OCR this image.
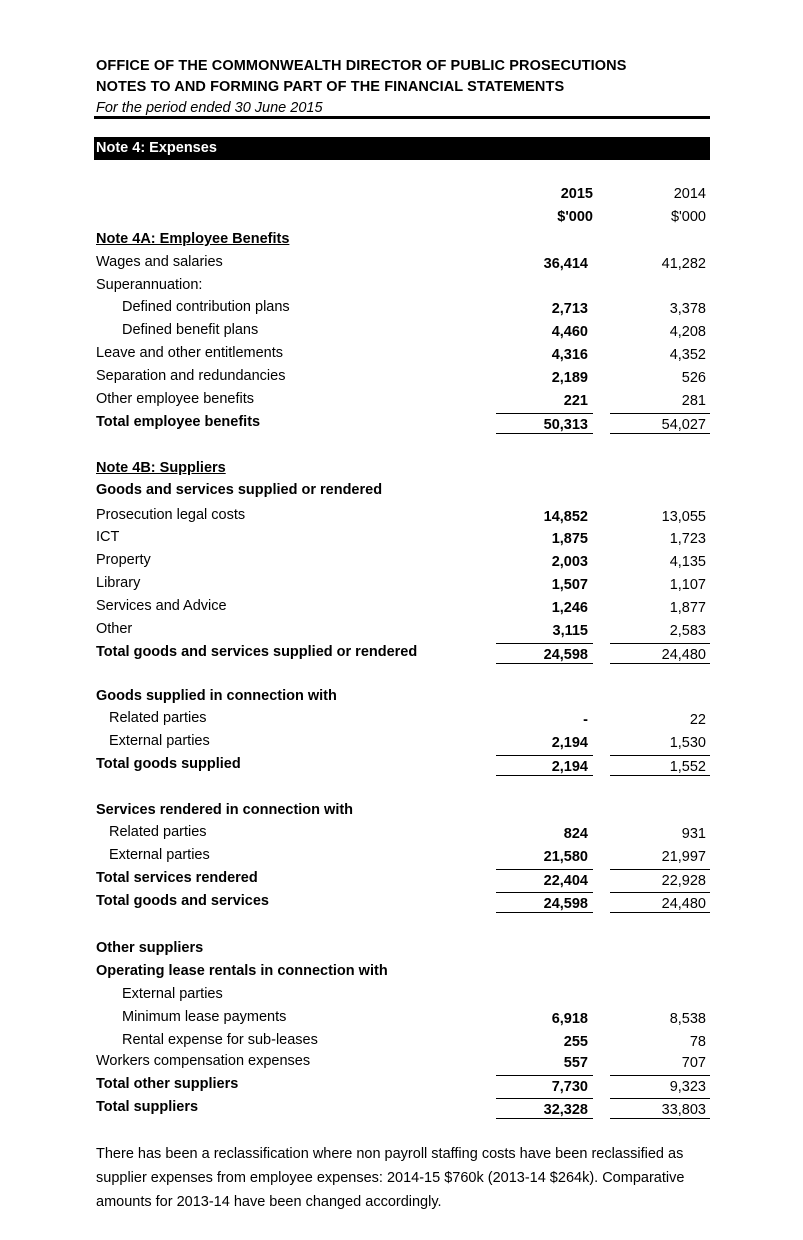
OFFICE OF THE COMMONWEALTH DIRECTOR OF PUBLIC PROSECUTIONS
NOTES TO AND FORMING PART OF THE FINANCIAL STATEMENTS
For the period ended 30 June 2015
Note 4: Expenses
2015	2014
$'000	$'000
Note 4A: Employee Benefits
Wages and salaries	36,414	41,282
Superannuation:
Defined contribution plans	2,713	3,378
Defined benefit plans	4,460	4,208
Leave and other entitlements	4,316	4,352
Separation and redundancies	2,189	526
Other employee benefits	221	281
Total employee benefits	50,313	54,027
Note 4B: Suppliers
Goods and services supplied or rendered
Prosecution legal costs	14,852	13,055
ICT	1,875	1,723
Property	2,003	4,135
Library	1,507	1,107
Services and Advice	1,246	1,877
Other	3,115	2,583
Total goods and services supplied or rendered	24,598	24,480
Goods supplied in connection with
Related parties	-	22
External parties	2,194	1,530
Total goods supplied	2,194	1,552
Services rendered in connection with
Related parties	824	931
External parties	21,580	21,997
Total services rendered	22,404	22,928
Total goods and services	24,598	24,480
Other suppliers
Operating lease rentals in connection with
External parties
Minimum lease payments	6,918	8,538
Rental expense for sub-leases	255	78
Workers compensation expenses	557	707
Total other suppliers	7,730	9,323
Total suppliers	32,328	33,803
There has been a reclassification where non payroll staffing costs have been reclassified as supplier expenses from employee expenses: 2014-15 $760k (2013-14 $264k). Comparative amounts for 2013-14 have been changed accordingly.
